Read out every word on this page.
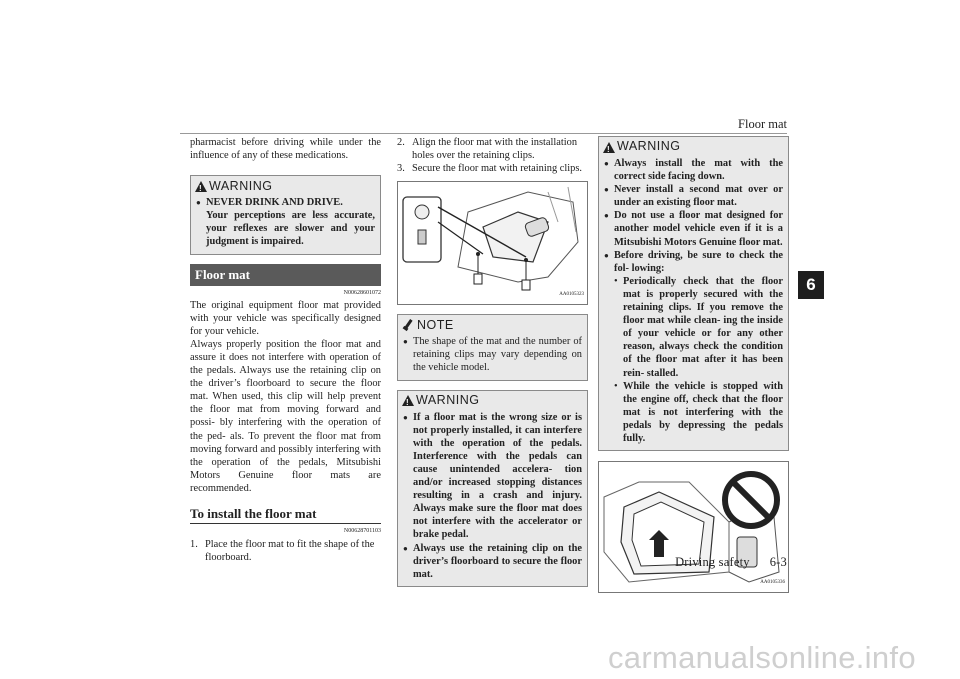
Floor mat
6

pharmacist before driving while under the influence of any of these medications.

!
WARNING
● NEVER DRINK AND DRIVE.
Your perceptions are less accurate, your reflexes are slower and your judgment is impaired.
Floor mat
N00628601072

The original equipment floor mat provided with your vehicle was specifically designed for your vehicle.

Always properly position the floor mat and assure it does not interfere with operation of the pedals. Always use the retaining clip on the driver’s floorboard to secure the floor mat. When used, this clip will help prevent the floor mat from moving forward and possi- bly interfering with the operation of the ped- als. To prevent the floor mat from moving forward and possibly interfering with the operation of the pedals, Mitsubishi Motors Genuine floor mats are recommended.

To install the floor mat
N00628701103
1. Place the floor mat to fit the shape of the floorboard.
2. Align the floor mat with the installation holes over the retaining clips.
3. Secure the floor mat with retaining clips.
AA0105323
NOTE
● The shape of the mat and the number of retaining clips may vary depending on the vehicle model.
!
WARNING
● If a floor mat is the wrong size or is not properly installed, it can interfere with the operation of the pedals. Interference with the pedals can cause unintended accelera- tion and/or increased stopping distances resulting in a crash and injury. Always make sure the floor mat does not interfere with the accelerator or brake pedal.
● Always use the retaining clip on the driver’s floorboard to secure the floor mat.
!
WARNING
● Always install the mat with the correct side facing down.
● Never install a second mat over or under an existing floor mat.
● Do not use a floor mat designed for another model vehicle even if it is a Mitsubishi Motors Genuine floor mat.
● Before driving, be sure to check the fol- lowing:
• Periodically check that the floor mat is properly secured with the retaining clips. If you remove the floor mat while clean- ing the inside of your vehicle or for any other reason, always check the condition of the floor mat after it has been rein- stalled.
• While the vehicle is stopped with the engine off, check that the floor mat is not interfering with the pedals by depressing the pedals fully.
AA0105336
Driving safety 6-3
carmanualsonline.info
